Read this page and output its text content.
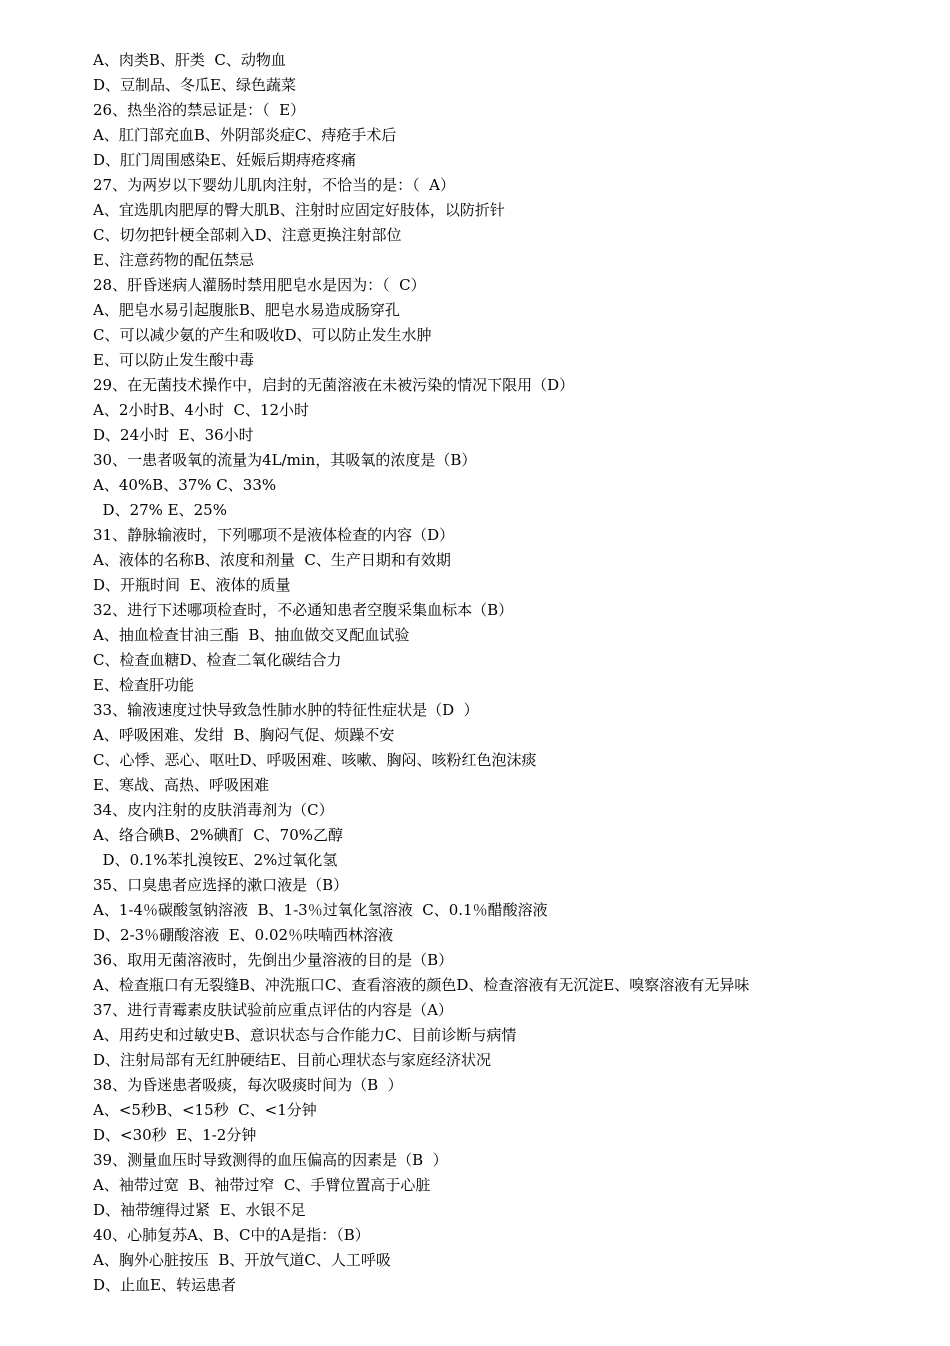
A、肉类B、肝类  C、动物血
D、豆制品、冬瓜E、绿色蔬菜
26、热坐浴的禁忌证是：（  E）
A、肛门部充血B、外阴部炎症C、痔疮手术后
D、肛门周围感染E、妊娠后期痔疮疼痛
27、为两岁以下婴幼儿肌肉注射，不恰当的是：（  A）
A、宜选肌肉肥厚的臀大肌B、注射时应固定好肢体，以防折针
C、切勿把针梗全部刺入D、注意更换注射部位
E、注意药物的配伍禁忌
28、肝昏迷病人灌肠时禁用肥皂水是因为：（  C）
A、肥皂水易引起腹胀B、肥皂水易造成肠穿孔
C、可以减少氨的产生和吸收D、可以防止发生水肿
E、可以防止发生酸中毒
29、在无菌技术操作中，启封的无菌溶液在未被污染的情况下限用（D）
A、2小时B、4小时  C、12小时
D、24小时  E、36小时
30、一患者吸氧的流量为4L/min，其吸氧的浓度是（B）
A、40%B、37% C、33%
D、27% E、25%
31、静脉输液时，下列哪项不是液体检查的内容（D）
A、液体的名称B、浓度和剂量  C、生产日期和有效期
D、开瓶时间  E、液体的质量
32、进行下述哪项检查时，不必通知患者空腹采集血标本（B）
A、抽血检查甘油三酯  B、抽血做交叉配血试验
C、检查血糖D、检查二氧化碳结合力
E、检查肝功能
33、输液速度过快导致急性肺水肿的特征性症状是（D  ）
A、呼吸困难、发绀  B、胸闷气促、烦躁不安
C、心悸、恶心、呕吐D、呼吸困难、咳嗽、胸闷、咳粉红色泡沫痰
E、寒战、高热、呼吸困难
34、皮内注射的皮肤消毒剂为（C）
A、络合碘B、2%碘酊  C、70%乙醇
D、0.1%苯扎溴铵E、2%过氧化氢
35、口臭患者应选择的漱口液是（B）
A、1-4％碳酸氢钠溶液  B、1-3％过氧化氢溶液  C、0.1％醋酸溶液
D、2-3％硼酸溶液  E、0.02％呋喃西林溶液
36、取用无菌溶液时，先倒出少量溶液的目的是（B）
A、检查瓶口有无裂缝B、冲洗瓶口C、查看溶液的颜色D、检查溶液有无沉淀E、嗅察溶液有无异味
37、进行青霉素皮肤试验前应重点评估的内容是（A）
A、用药史和过敏史B、意识状态与合作能力C、目前诊断与病情
D、注射局部有无红肿硬结E、目前心理状态与家庭经济状况
38、为昏迷患者吸痰，每次吸痰时间为（B  ）
A、<5秒B、<15秒  C、<1分钟
D、<30秒  E、1-2分钟
39、测量血压时导致测得的血压偏高的因素是（B  ）
A、袖带过宽  B、袖带过窄  C、手臂位置高于心脏
D、袖带缠得过紧  E、水银不足
40、心肺复苏A、B、C中的A是指：（B）
A、胸外心脏按压  B、开放气道C、人工呼吸
D、止血E、转运患者
